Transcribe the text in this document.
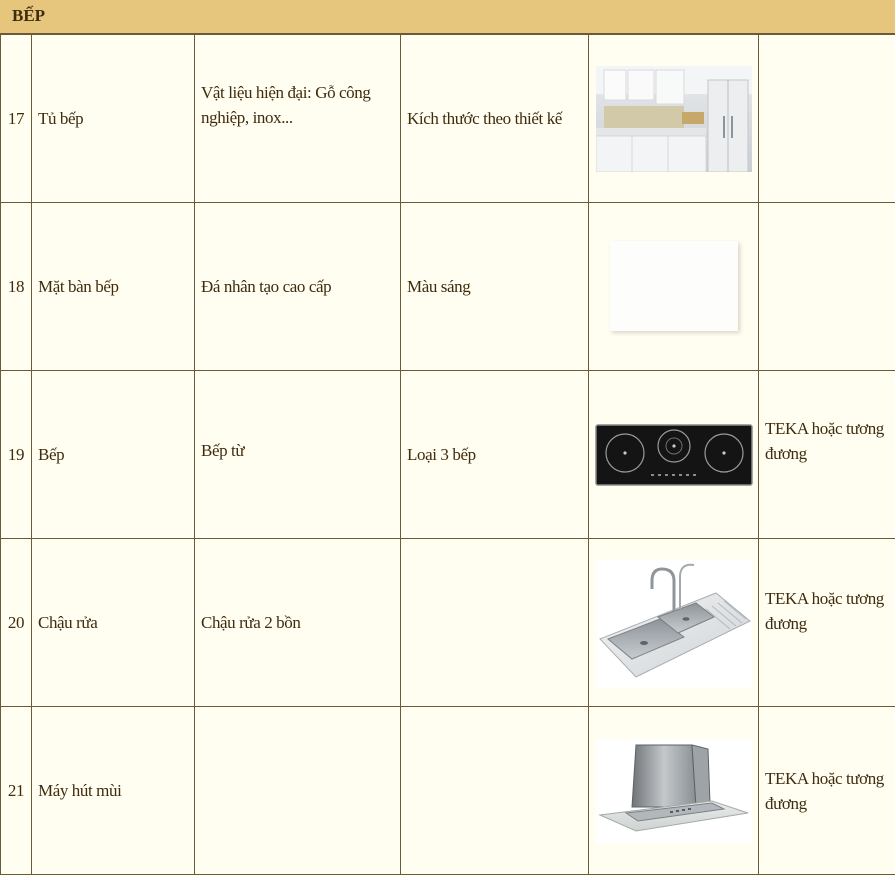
BẾP
17	Tủ bếp	Vật liệu hiện đại: Gỗ công nghiệp, inox...	Kích thước theo thiết kế	

18	Mặt bàn bếp	Đá nhân tạo cao cấp	Màu sáng	

19	Bếp	Bếp từ	Loại 3 bếp		TEKA hoặc tương đương

20	Chậu rửa	Chậu rửa 2 bồn			TEKA hoặc tương đương

21	Máy hút mùi				TEKA hoặc tương đương
